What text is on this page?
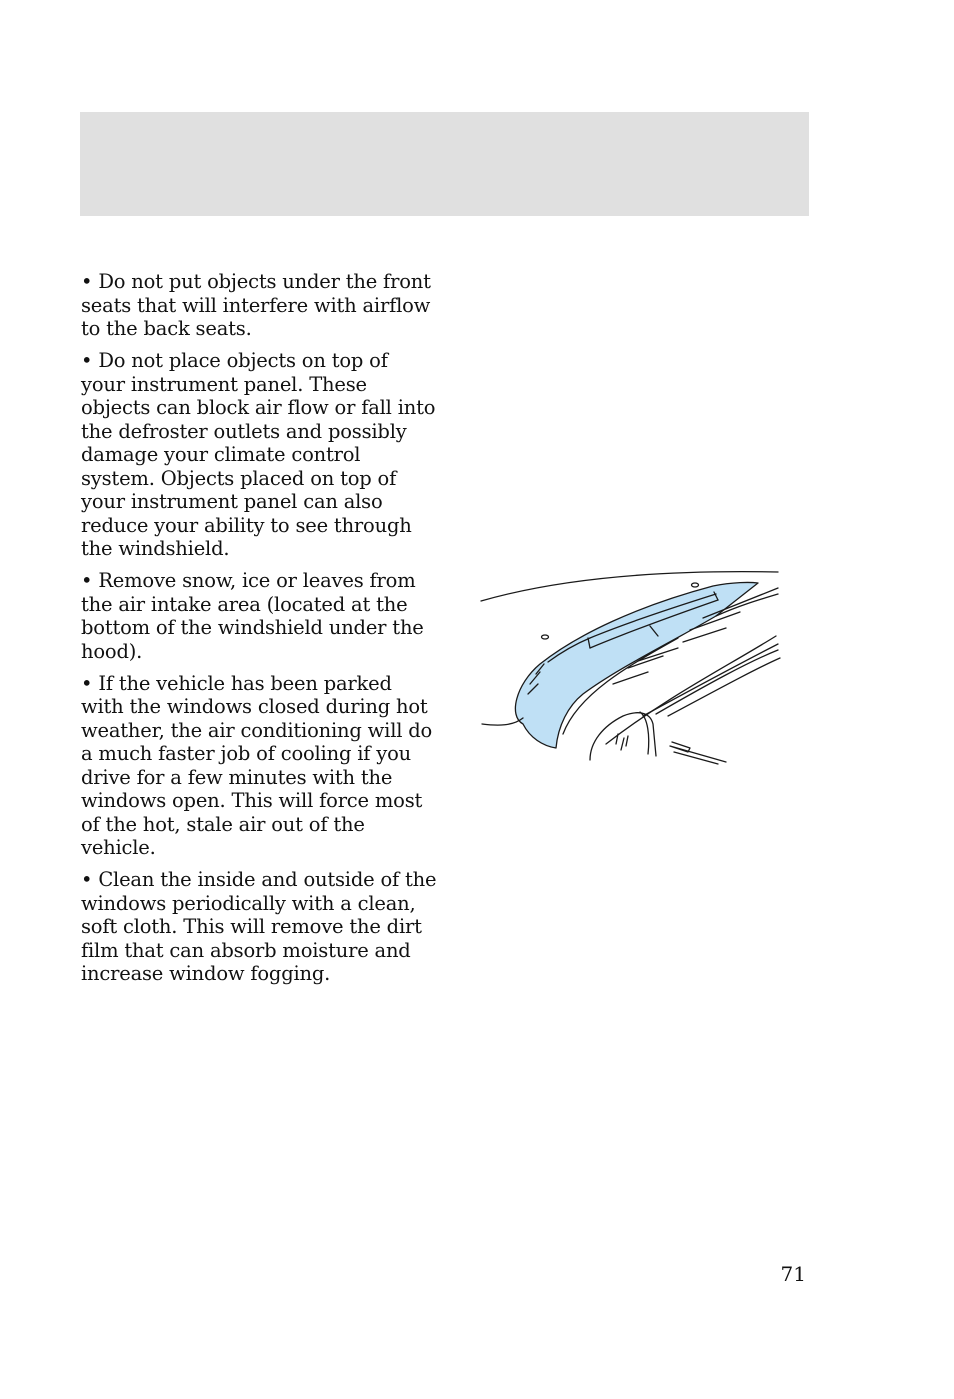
• Do not put objects under the front seats that will interfere with airflow to the back seats.
• Do not place objects on top of your instrument panel. These objects can block air flow or fall into the defroster outlets and possibly damage your climate control system. Objects placed on top of your instrument panel can also reduce your ability to see through the windshield.
• Remove snow, ice or leaves from the air intake area (located at the bottom of the windshield under the hood).
• If the vehicle has been parked with the windows closed during hot weather, the air conditioning will do a much faster job of cooling if you drive for a few minutes with the windows open. This will force most of the hot, stale air out of the vehicle.
• Clean the inside and outside of the windows periodically with a clean, soft cloth. This will remove the dirt film that can absorb moisture and increase window fogging.
71
